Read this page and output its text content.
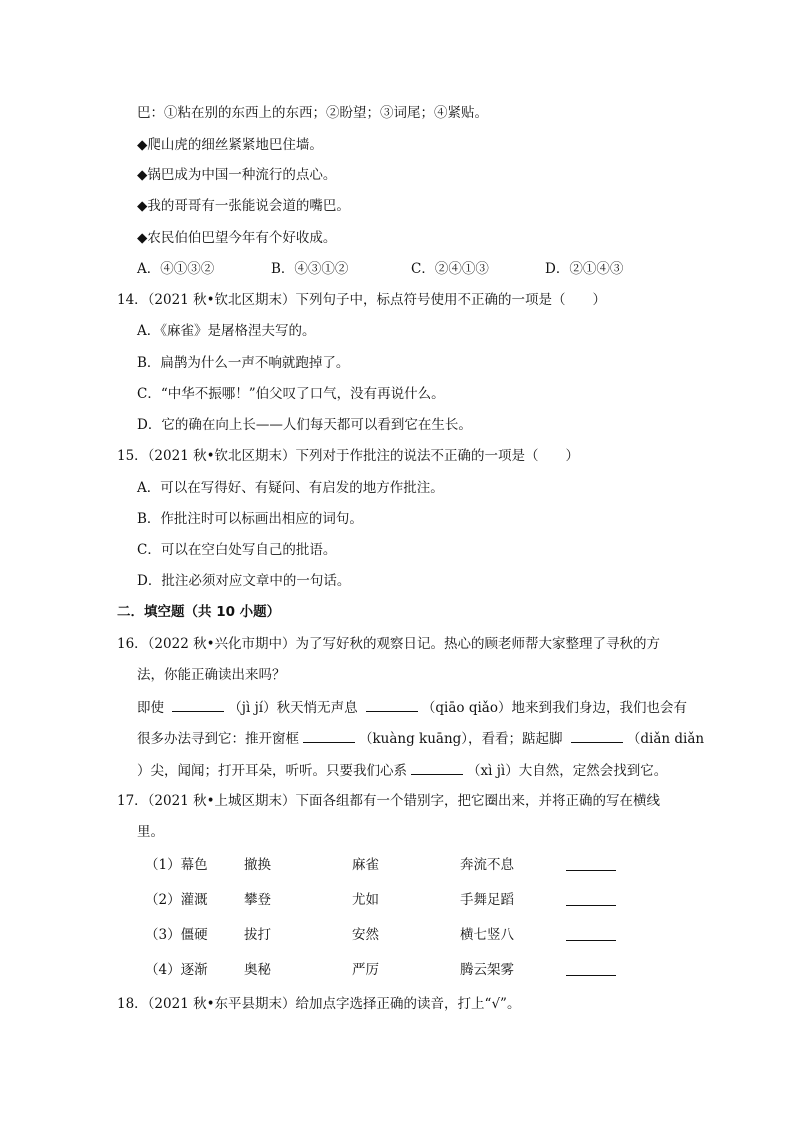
巴：①粘在别的东西上的东西；②盼望；③词尾；④紧贴。
◆爬山虎的细丝紧紧地巴住墙。
◆锅巴成为中国一种流行的点心。
◆我的哥哥有一张能说会道的嘴巴。
◆农民伯伯巴望今年有个好收成。
A．④①③②	B．④③①②	C．②④①③	D．②①④③
14．（2021 秋•钦北区期末）下列句子中，标点符号使用不正确的一项是（　　）
A．《麻雀》是屠格涅夫写的。
B．扁鹊为什么一声不响就跑掉了。
C．“中华不振哪！”伯父叹了口气，没有再说什么。
D．它的确在向上长——人们每天都可以看到它在生长。
15．（2021 秋•钦北区期末）下列对于作批注的说法不正确的一项是（　　）
A．可以在写得好、有疑问、有启发的地方作批注。
B．作批注时可以标画出相应的词句。
C．可以在空白处写自己的批语。
D．批注必须对应文章中的一句话。
二．填空题（共 10 小题）
16．（2022 秋•兴化市期中）为了写好秋的观察日记。热心的顾老师帮大家整理了寻秋的方
法，你能正确读出来吗？
即使	（jì jí）秋天悄无声息	（qiāo qiǎo）地来到我们身边，我们也会有
很多办法寻到它：推开窗框	（kuàng kuāng），看看；踮起脚	（diǎn diǎn
）尖，闻闻；打开耳朵，听听。只要我们心系	（xì jì）大自然，定然会找到它。
17．（2021 秋•上城区期末）下面各组都有一个错别字，把它圈出来，并将正确的写在横线
里。
（1）幕色	撤换	麻雀	奔流不息
（2）灌溉	攀登	尤如	手舞足蹈
（3）僵硬	拔打	安然	横七竖八
（4）逐渐	奥秘	严厉	腾云架雾
18．（2021 秋•东平县期末）给加点字选择正确的读音，打上“√”。
